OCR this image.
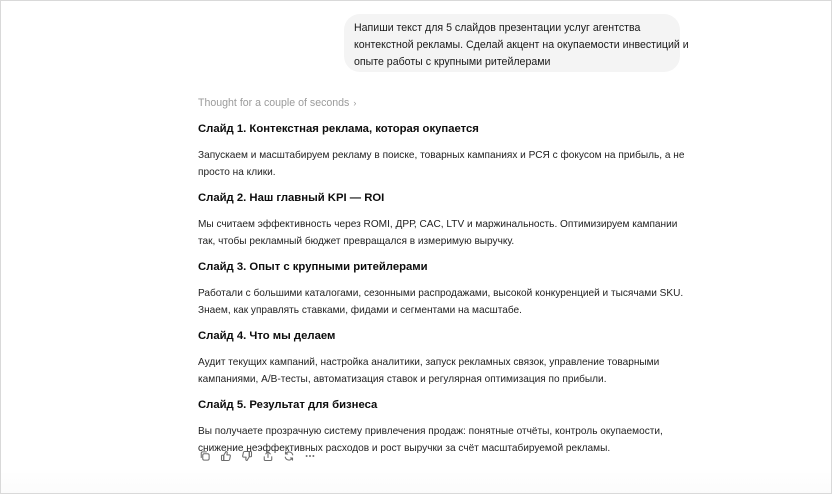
Напиши текст для 5 слайдов презентации услуг агентства
контекстной рекламы. Сделай акцент на окупаемости инвестиций и
опыте работы с крупными ритейлерами
Thought for a couple of seconds ›
Слайд 1. Контекстная реклама, которая окупается
Запускаем и масштабируем рекламу в поиске, товарных кампаниях и РСЯ с фокусом на прибыль, а не
просто на клики.
Слайд 2. Наш главный KPI — ROI
Мы считаем эффективность через ROMI, ДРР, CAC, LTV и маржинальность. Оптимизируем кампании
так, чтобы рекламный бюджет превращался в измеримую выручку.
Слайд 3. Опыт с крупными ритейлерами
Работали с большими каталогами, сезонными распродажами, высокой конкуренцией и тысячами SKU.
Знаем, как управлять ставками, фидами и сегментами на масштабе.
Слайд 4. Что мы делаем
Аудит текущих кампаний, настройка аналитики, запуск рекламных связок, управление товарными
кампаниями, A/B-тесты, автоматизация ставок и регулярная оптимизация по прибыли.
Слайд 5. Результат для бизнеса
Вы получаете прозрачную систему привлечения продаж: понятные отчёты, контроль окупаемости,
снижение неэффективных расходов и рост выручки за счёт масштабируемой рекламы.
